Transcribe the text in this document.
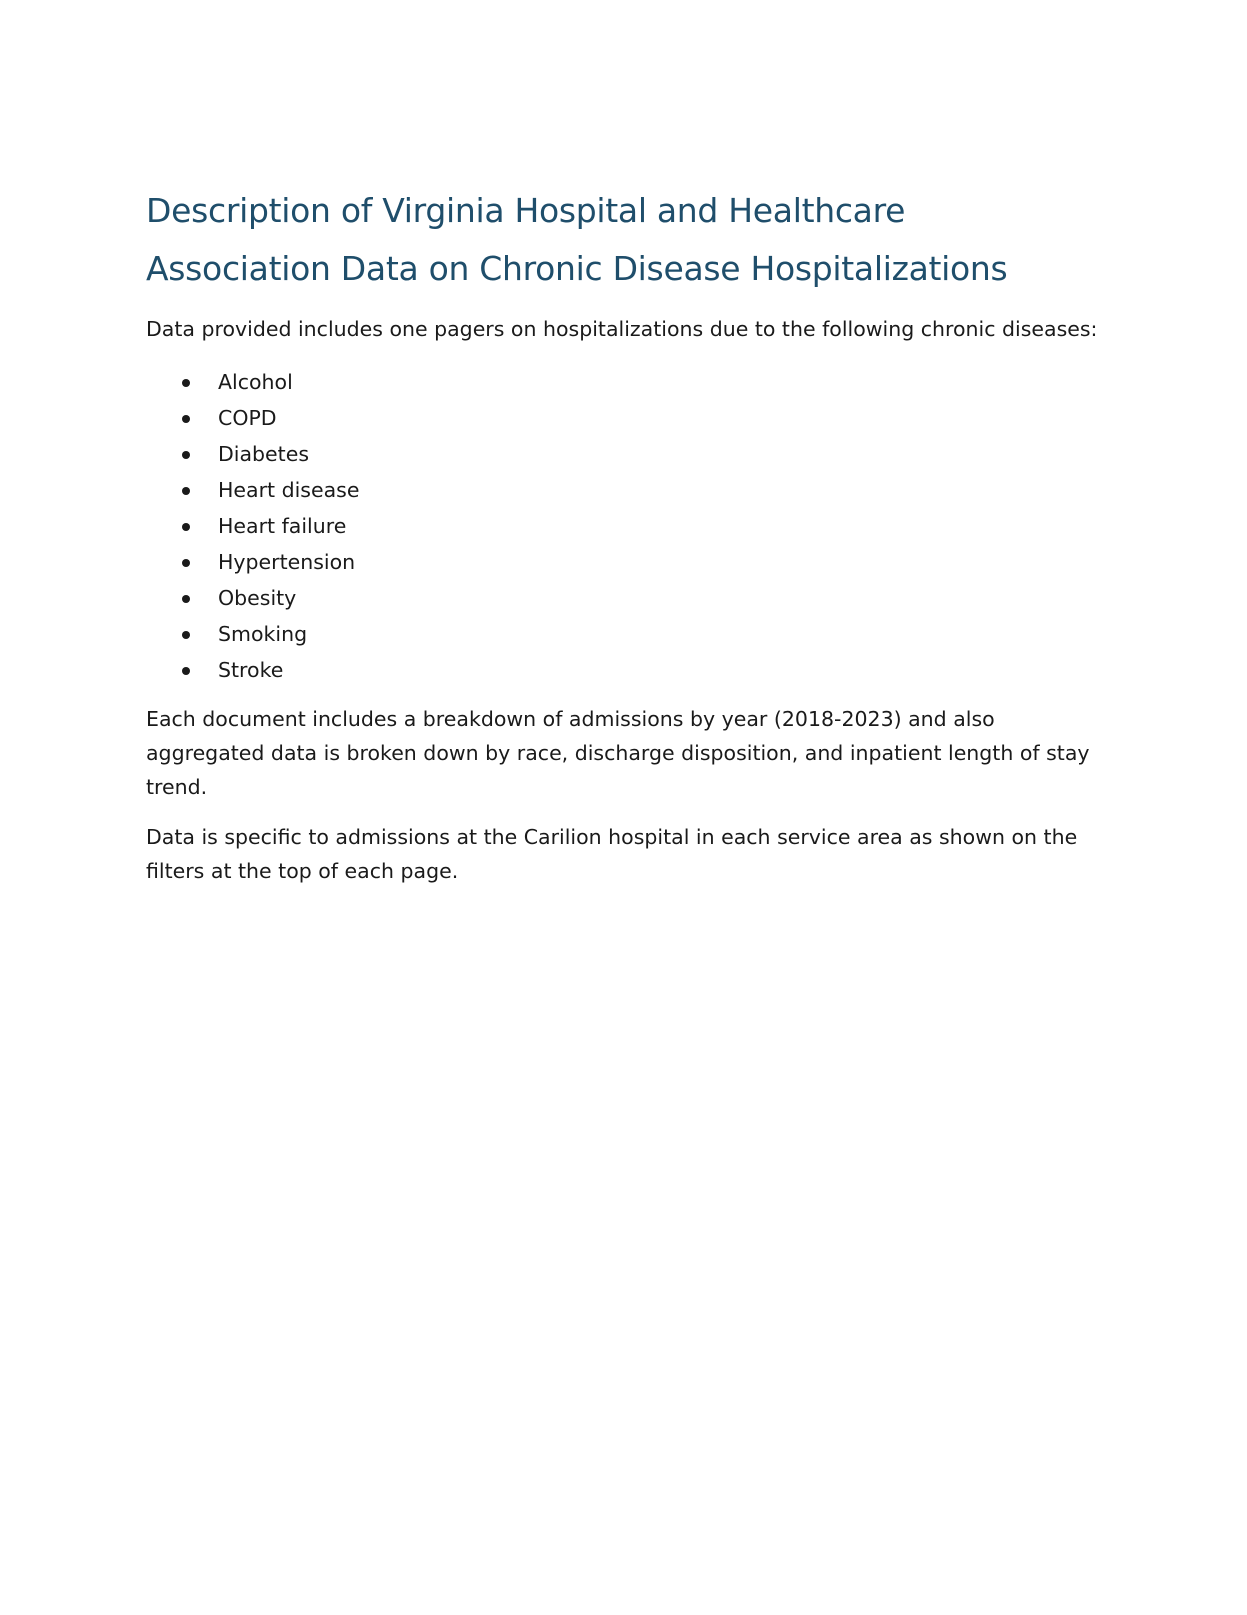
Description of Virginia Hospital and Healthcare
Association Data on Chronic Disease Hospitalizations

Data provided includes one pagers on hospitalizations due to the following chronic diseases:

Alcohol
COPD
Diabetes
Heart disease
Heart failure
Hypertension
Obesity
Smoking
Stroke

Each document includes a breakdown of admissions by year (2018-2023) and also aggregated data is broken down by race, discharge disposition, and inpatient length of stay trend.

Data is specific to admissions at the Carilion hospital in each service area as shown on the filters at the top of each page.
